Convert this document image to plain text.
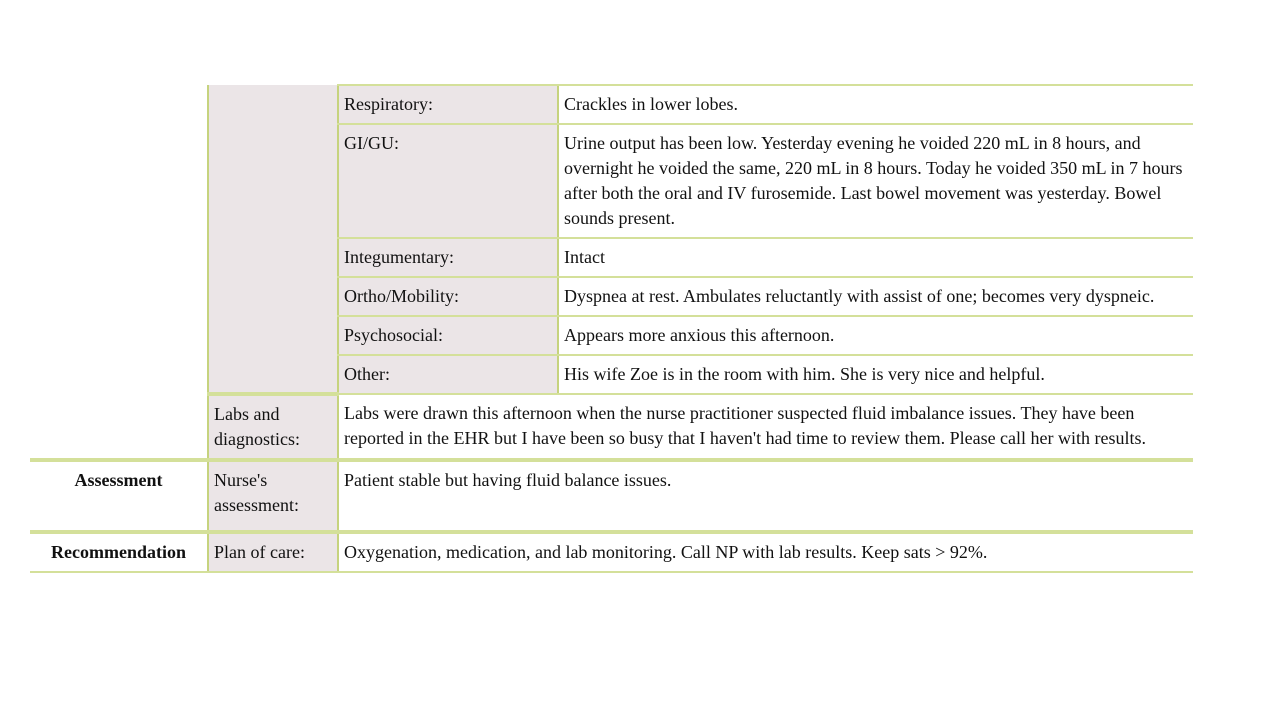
		Respiratory:	Crackles in lower lobes.
		GI/GU:	Urine output has been low. Yesterday evening he voided 220 mL in 8 hours, and overnight he voided the same, 220 mL in 8 hours. Today he voided 350 mL in 7 hours after both the oral and IV furosemide. Last bowel movement was yesterday. Bowel sounds present.
		Integumentary:	Intact
		Ortho/Mobility:	Dyspnea at rest. Ambulates reluctantly with assist of one; becomes very dyspneic.
		Psychosocial:	Appears more anxious this afternoon.
		Other:	His wife Zoe is in the room with him. She is very nice and helpful.
	Labs and diagnostics:	Labs were drawn this afternoon when the nurse practitioner suspected fluid imbalance issues. They have been reported in the EHR but I have been so busy that I haven't had time to review them. Please call her with results.	
Assessment	Nurse's assessment:	Patient stable but having fluid balance issues.	
Recommendation	Plan of care:	Oxygenation, medication, and lab monitoring. Call NP with lab results. Keep sats > 92%.	
